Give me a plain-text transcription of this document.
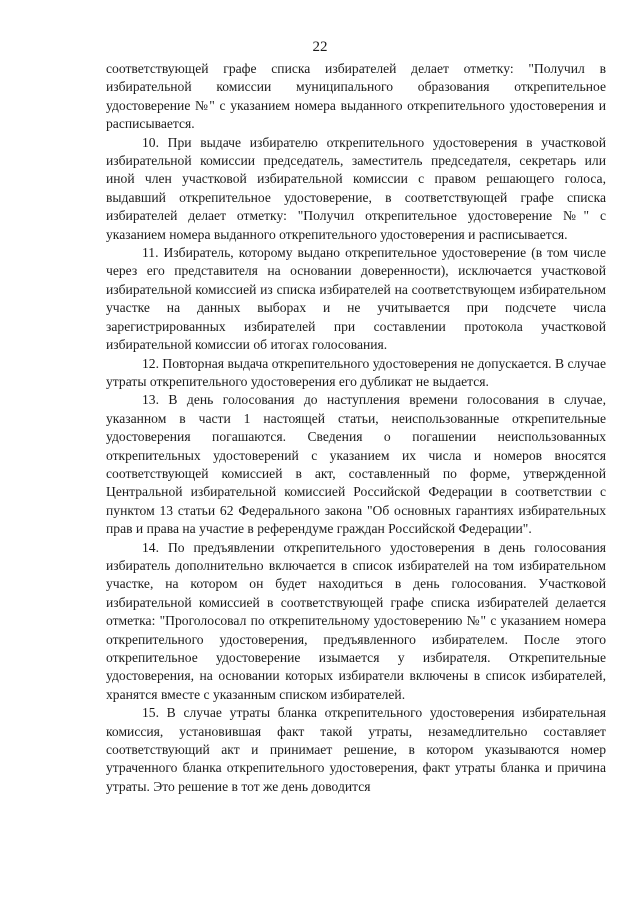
22

соответствующей графе списка избирателей делает отметку: "Получил в избирательной комиссии муниципального образования открепительное удостоверение №" с указанием номера выданного открепительного удостоверения и расписывается.

10. При выдаче избирателю открепительного удостоверения в участковой избирательной комиссии председатель, заместитель председателя, секретарь или иной член участковой избирательной комиссии с правом решающего голоса, выдавший открепительное удостоверение, в соответствующей графе списка избирателей делает отметку: "Получил открепительное удостоверение №" с указанием номера выданного открепительного удостоверения и расписывается.

11. Избиратель, которому выдано открепительное удостоверение (в том числе через его представителя на основании доверенности), исключается участковой избирательной комиссией из списка избирателей на соответствующем избирательном участке на данных выборах и не учитывается при подсчете числа зарегистрированных избирателей при составлении протокола участковой избирательной комиссии об итогах голосования.

12. Повторная выдача открепительного удостоверения не допускается. В случае утраты открепительного удостоверения его дубликат не выдается.

13. В день голосования до наступления времени голосования в случае, указанном в части 1 настоящей статьи, неиспользованные открепительные удостоверения погашаются. Сведения о погашении неиспользованных открепительных удостоверений с указанием их числа и номеров вносятся соответствующей комиссией в акт, составленный по форме, утвержденной Центральной избирательной комиссией Российской Федерации в соответствии с пунктом 13 статьи 62 Федерального закона "Об основных гарантиях избирательных прав и права на участие в референдуме граждан Российской Федерации".

14. По предъявлении открепительного удостоверения в день голосования избиратель дополнительно включается в список избирателей на том избирательном участке, на котором он будет находиться в день голосования. Участковой избирательной комиссией в соответствующей графе списка избирателей делается отметка: "Проголосовал по открепительному удостоверению №" с указанием номера открепительного удостоверения, предъявленного избирателем. После этого открепительное удостоверение изымается у избирателя. Открепительные удостоверения, на основании которых избиратели включены в список избирателей, хранятся вместе с указанным списком избирателей.

15. В случае утраты бланка открепительного удостоверения избирательная комиссия, установившая факт такой утраты, незамедлительно составляет соответствующий акт и принимает решение, в котором указываются номер утраченного бланка открепительного удостоверения, факт утраты бланка и причина утраты. Это решение в тот же день доводится
